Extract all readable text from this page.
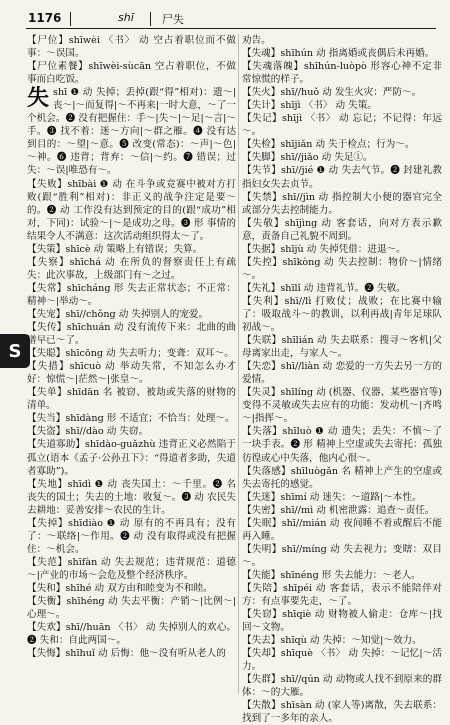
1176	shī	尸失
S

【尸位】shīwèi 〈书〉 动 空占着职位而不做事：～误国。

【尸位素餐】shīwèi-sùcān 空占着职位，不做事而白吃饭。

失shī ❶ 动 失掉；丢掉(跟“得”相对)：遗～|丧～|～而复得|～不再来|一时大意，～了一个机会。❷ 没有把握住：手～|失～|～足|～言|～手。❸ 找不着：迷～方向|～群之雁。❹ 没有达到目的：～望|～意。❺ 改变(常态)：～声|～色|～神。❻ 违背；背弃：～信|～约。❼ 错误；过失：～误|唯恐有～。

【失败】shībài ❶ 动 在斗争或竞赛中被对方打败(跟“胜利”相对)：非正义的战争注定是要～的。❷ 动 工作没有达到预定的目的(跟“成功”相对，下同)：试验～|～是成功之母。❸ 形 事情的结果令人不满意：这次活动组织得太～了。

【失策】shīcè 动 策略上有错误；失算。

【失察】shīchá 动 在所负的督察责任上有疏失：此次事故，上级部门有～之过。

【失常】shīcháng 形 失去正常状态；不正常：精神～|举动～。

【失宠】shī//chǒng 动 失掉别人的宠爱。

【失传】shīchuán 动 没有流传下来：北曲的曲谱早已～了。

【失聪】shīcōng 动 失去听力；变聋：双耳～。

【失措】shīcuò 动 举动失常，不知怎么办才好：惊慌～|茫然～|张皇～。

【失单】shīdān 名 被窃、被劫或失落的财物的清单。

【失当】shīdàng 形 不适宜；不恰当：处理～。

【失盗】shī//dào 动 失窃。

【失道寡助】shīdào-guǎzhù 违背正义必然陷于孤立(语本《孟子·公孙丑下》：“得道者多助，失道者寡助”)。

【失地】shīdì ❶ 动 丧失国土：～千里。❷ 名 丧失的国土；失去的土地：收复～。❸ 动 农民失去耕地：妥善安排～农民的生计。

【失掉】shīdiào ❶ 动 原有的不再具有；没有了：～联络|～作用。❷ 动 没有取得或没有把握住：～机会。

【失范】shīfàn 动 失去规范；违背规范：道德～|产业的市场～会危及整个经济秩序。

【失和】shīhé 动 双方由和睦变为不和睦。

【失衡】shīhéng 动 失去平衡：产销～|比例～|心理～。

【失欢】shī//huān 〈书〉 动 失掉别人的欢心。❷ 失和：自此两国～。

【失悔】shīhuǐ 动 后悔：他～没有听从老人的

劝告。

【失魂】shīhún 动 指离婚或丧偶后未再婚。

【失魂落魄】shīhún-luòpò 形容心神不定非常惊慌的样子。

【失火】shī//huǒ 动 发生火灾：严防～。

【失计】shījì 〈书〉 动 失策。

【失记】shījì 〈书〉 动 忘记；不记得：年远～。

【失检】shījiǎn 动 失于检点；行为～。

【失脚】shī//jiǎo 动 失足①。

【失节】shī//jié ❶ 动 失去气节。❷ 封建礼教指妇女失去贞节。

【失禁】shī//jìn 动 指控制大小便的器官完全或部分失去控制能力。

【失敬】shījìng 动 客套话，向对方表示歉意，责备自己礼貌不周到。

【失据】shījù 动 失掉凭借：进退～。

【失控】shīkòng 动 失去控制：物价～|情绪～。

【失礼】shīlǐ 动 违背礼节。❷ 失敬。

【失利】shī//lì 打败仗；战败；在比赛中输了：吸取战斗～的教训，以利再战|青年足球队初战～。

【失联】shīlián 动 失去联系：搜寻～客机|父母离家出走，与家人～。

【失恋】shī//liàn 动 恋爱的一方失去另一方的爱情。

【失灵】shīlíng 动 (机器、仪器、某些器官等)变得不灵敏或失去应有的功能：发动机～|齐鸣～|指挥～。

【失落】shīluò ❶ 动 遗失；丢失：不慎～了一块手表。❷ 形 精神上空虚或失去寄托：孤独彷徨或心中失落，他内心很～。

【失落感】shīluògǎn 名 精神上产生的空虚或失去寄托的感觉。

【失迷】shīmí 动 迷失：～道路|～本性。

【失密】shī//mì 动 机密泄露：追查～责任。

【失眠】shī//mián 动 夜间睡不着或醒后不能再入睡。

【失明】shī//míng 动 失去视力；变瞎：双目～。

【失能】shīnéng 形 失去能力：～老人。

【失陪】shīpéi 动 客套话，表示不能陪伴对方：有点事要先走，～了。

【失窃】shīqiè 动 财物被人偷走：仓库～|找回～文物。

【失去】shīqù 动 失掉：～知觉|～效力。

【失却】shīquè 〈书〉 动 失掉：～记忆|～活力。

【失群】shī//qún 动 动物或人找不到原来的群体：～的大雁。

【失散】shīsàn 动 (家人等)离散，失去联系：找到了一多年的亲人。
